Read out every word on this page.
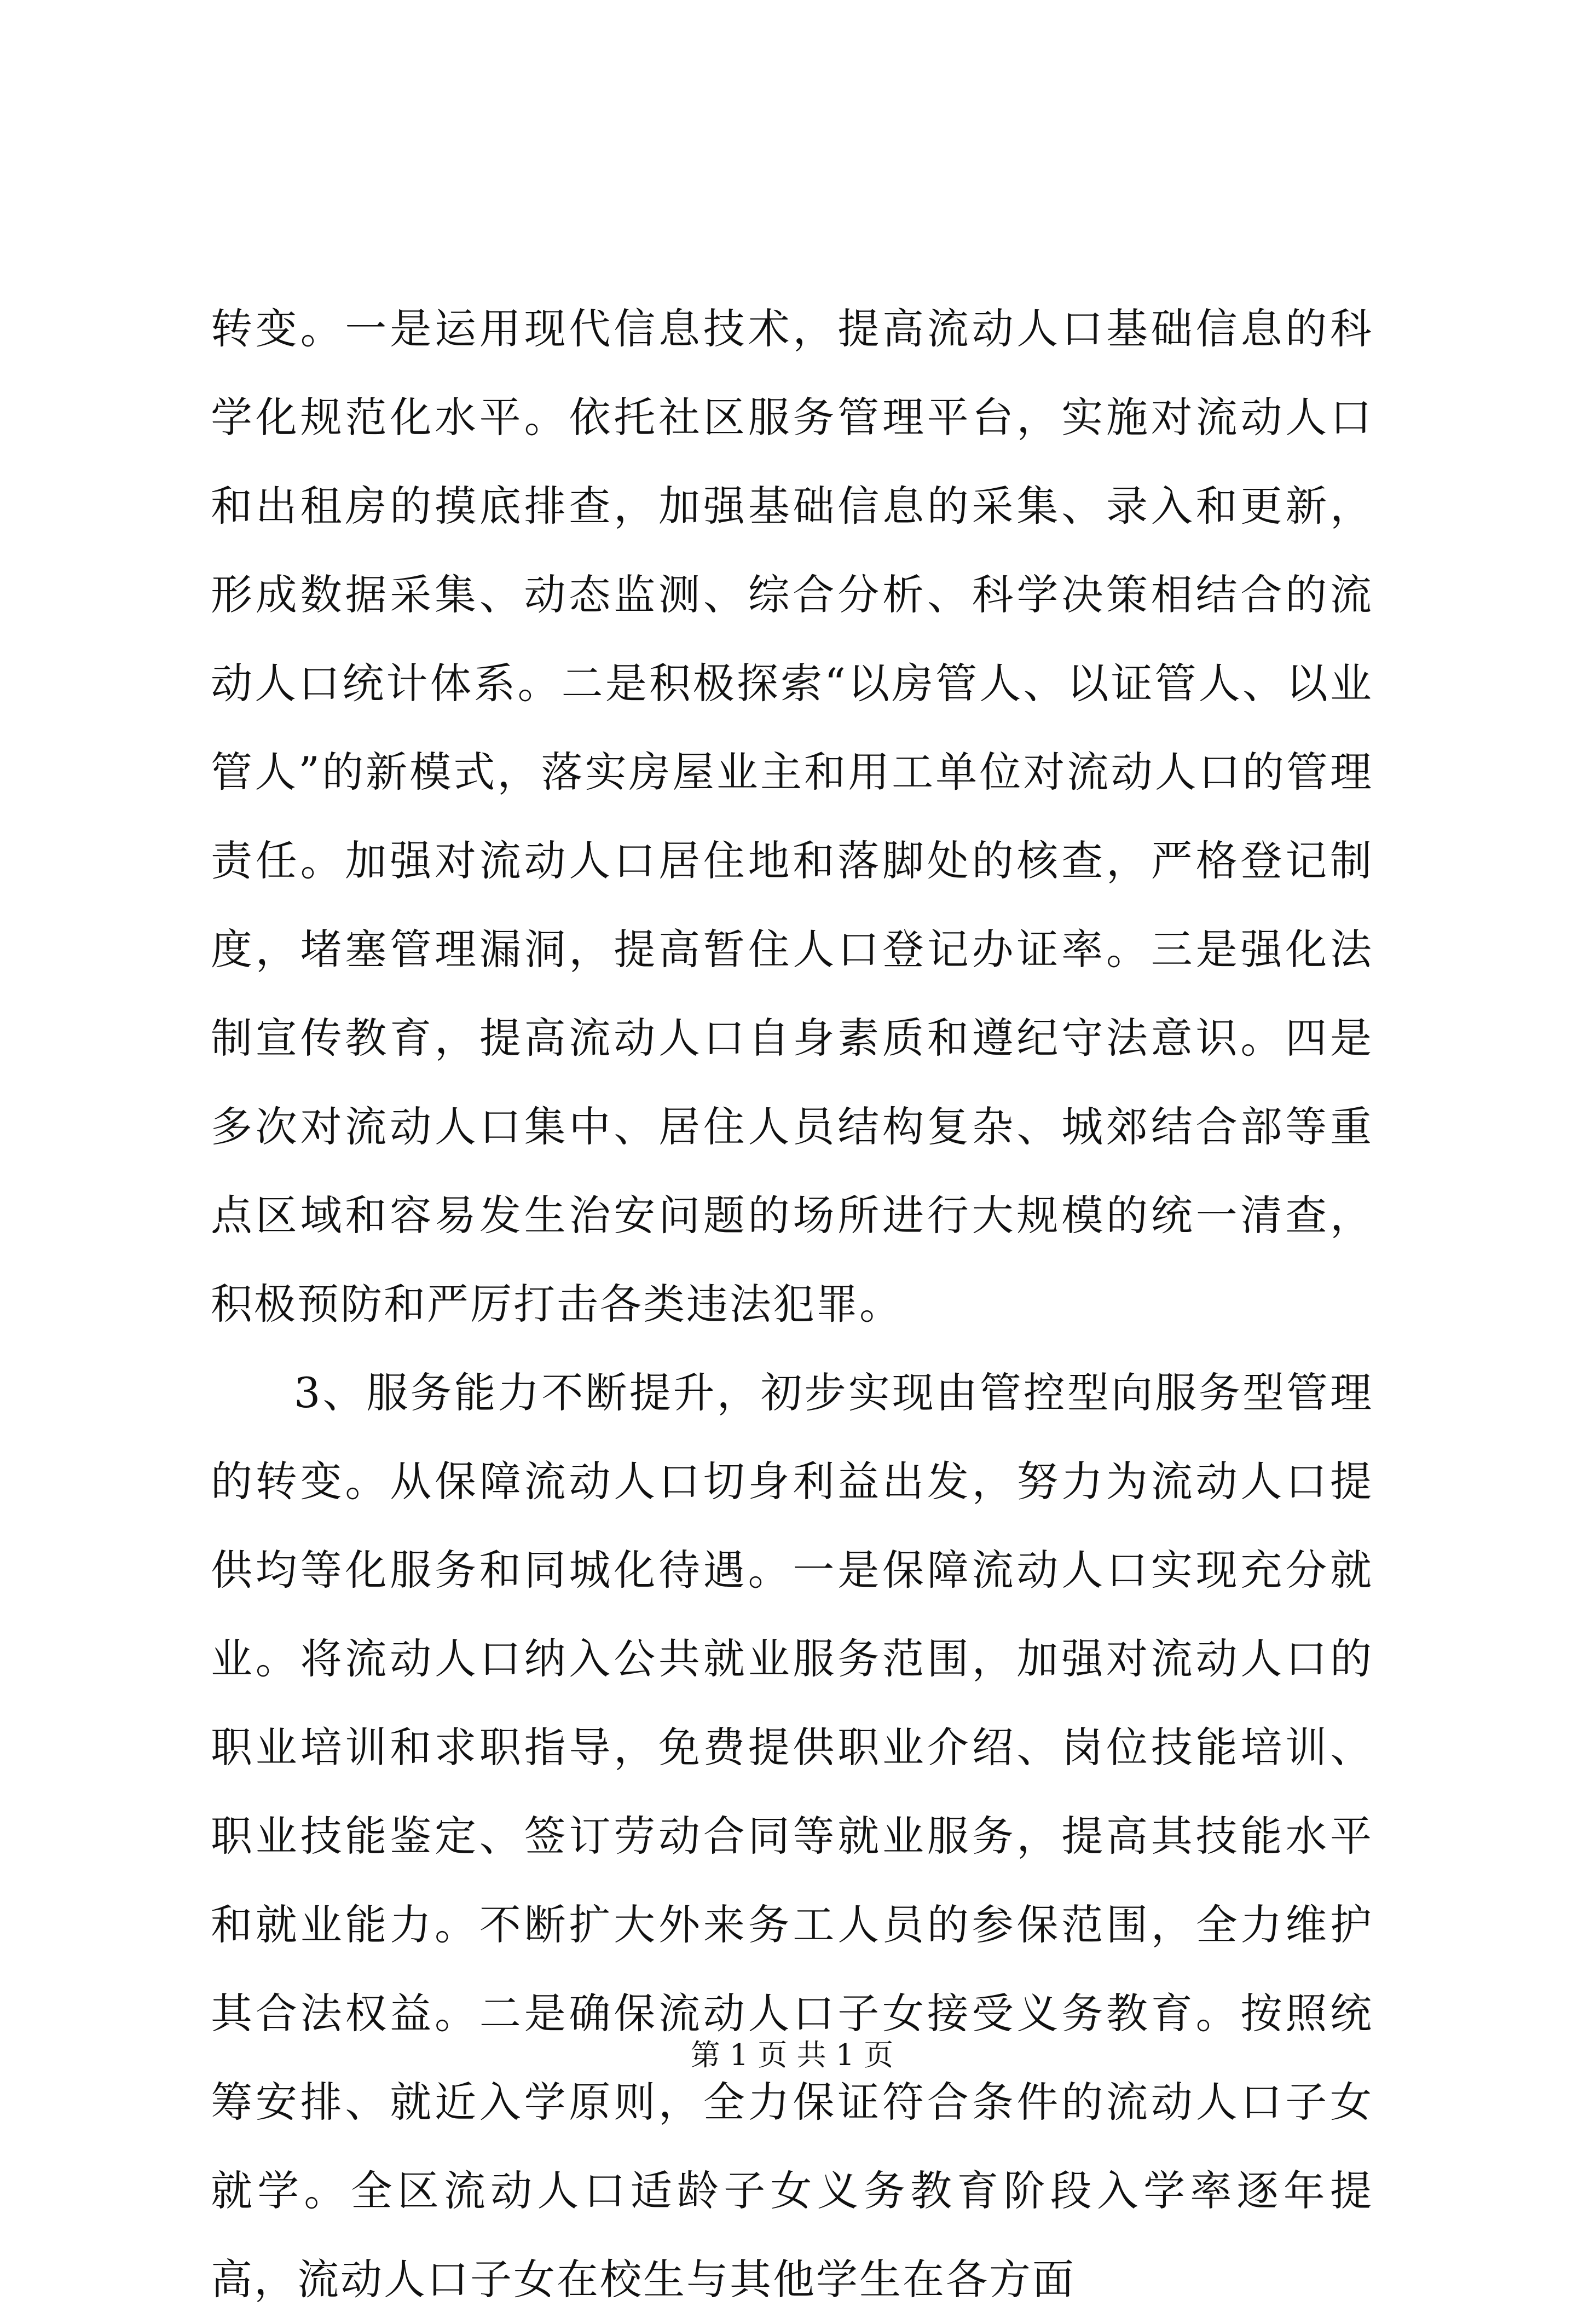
转变。一是运用现代信息技术，提高流动人口基础信息的科学化规范化水平。依托社区服务管理平台，实施对流动人口和出租房的摸底排查，加强基础信息的采集、录入和更新，形成数据采集、动态监测、综合分析、科学决策相结合的流动人口统计体系。二是积极探索“以房管人、以证管人、以业管人”的新模式，落实房屋业主和用工单位对流动人口的管理责任。加强对流动人口居住地和落脚处的核查，严格登记制度，堵塞管理漏洞，提高暂住人口登记办证率。三是强化法制宣传教育，提高流动人口自身素质和遵纪守法意识。四是多次对流动人口集中、居住人员结构复杂、城郊结合部等重点区域和容易发生治安问题的场所进行大规模的统一清查，积极预防和严厉打击各类违法犯罪。

3、服务能力不断提升，初步实现由管控型向服务型管理的转变。从保障流动人口切身利益出发，努力为流动人口提供均等化服务和同城化待遇。一是保障流动人口实现充分就业。将流动人口纳入公共就业服务范围，加强对流动人口的职业培训和求职指导，免费提供职业介绍、岗位技能培训、职业技能鉴定、签订劳动合同等就业服务，提高其技能水平和就业能力。不断扩大外来务工人员的参保范围，全力维护其合法权益。二是确保流动人口子女接受义务教育。按照统筹安排、就近入学原则，全力保证符合条件的流动人口子女就学。全区流动人口适龄子女义务教育阶段入学率逐年提高，流动人口子女在校生与其他学生在各方面

第 1 页 共 1 页
